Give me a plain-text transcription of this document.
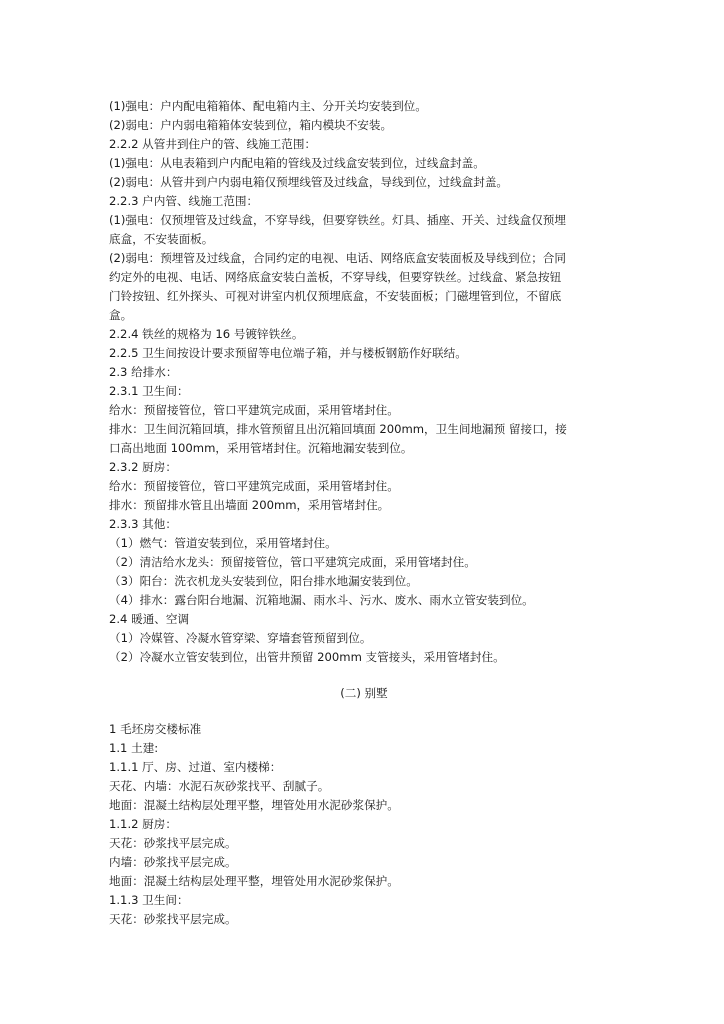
(1)强电：户内配电箱箱体、配电箱内主、分开关均安装到位。
(2)弱电：户内弱电箱箱体安装到位，箱内模块不安装。
2.2.2 从管井到住户的管、线施工范围：
(1)强电：从电表箱到户内配电箱的管线及过线盒安装到位，过线盒封盖。
(2)弱电：从管井到户内弱电箱仅预埋线管及过线盒，导线到位，过线盒封盖。
2.2.3 户内管、线施工范围：
(1)强电：仅预埋管及过线盒，不穿导线，但要穿铁丝。灯具、插座、开关、过线盒仅预埋
底盒，不安装面板。
(2)弱电：预埋管及过线盒，合同约定的电视、电话、网络底盒安装面板及导线到位；合同
约定外的电视、电话、网络底盒安装白盖板，不穿导线，但要穿铁丝。过线盒、紧急按钮
门铃按钮、红外探头、可视对讲室内机仅预埋底盒，不安装面板；门磁埋管到位，不留底
盒。
2.2.4 铁丝的规格为 16 号镀锌铁丝。
2.2.5 卫生间按设计要求预留等电位端子箱，并与楼板钢筋作好联结。
2.3 给排水：
2.3.1 卫生间：
给水：预留接管位，管口平建筑完成面，采用管堵封住。
排水：卫生间沉箱回填，排水管预留且出沉箱回填面 200mm，卫生间地漏预 留接口，接
口高出地面 100mm，采用管堵封住。沉箱地漏安装到位。
2.3.2 厨房：
给水：预留接管位，管口平建筑完成面，采用管堵封住。
排水：预留排水管且出墙面 200mm，采用管堵封住。
2.3.3 其他：
（1）燃气：管道安装到位，采用管堵封住。
（2）清洁给水龙头：预留接管位，管口平建筑完成面，采用管堵封住。
（3）阳台：洗衣机龙头安装到位，阳台排水地漏安装到位。
（4）排水：露台阳台地漏、沉箱地漏、雨水斗、污水、废水、雨水立管安装到位。
2.4 暖通、空调
（1）冷媒管、冷凝水管穿梁、穿墙套管预留到位。
（2）冷凝水立管安装到位，出管井预留 200mm 支管接头，采用管堵封住。
(二) 别墅
1 毛坯房交楼标准
1.1 土建:
1.1.1 厅、房、过道、室内楼梯：
天花、内墙：水泥石灰砂浆找平、刮腻子。
地面：混凝土结构层处理平整，埋管处用水泥砂浆保护。
1.1.2 厨房：
天花：砂浆找平层完成。
内墙：砂浆找平层完成。
地面：混凝土结构层处理平整，埋管处用水泥砂浆保护。
1.1.3 卫生间：
天花：砂浆找平层完成。
